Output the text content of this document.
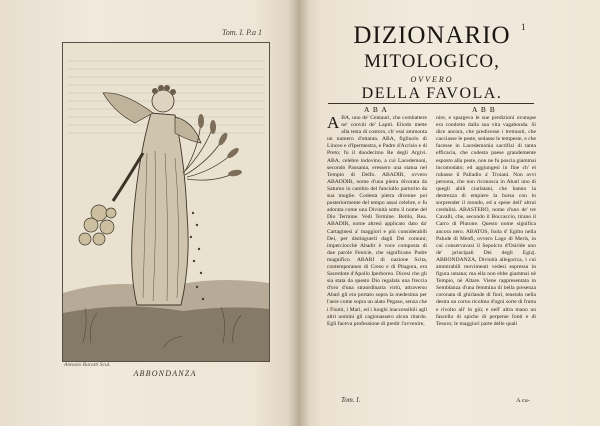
Tom. I. P.a 1
Antonio Baratti Scul.
ABBONDANZA
1
DIZIONARIO
MITOLOGICO,
OVVERO
DELLA FAVOLA.
A B A	A B B
A BA, uno de' Centauri, che combattere ne' conviti de' Lapiti. Eliodo mette alla testa di costoro, ch' essi ammonta un numero d'ottanta. ABA, figliuolo di Linceo e d'Ipermestra, e Padre d'Acrisio e di Preto; fu il duodecimo Re degli Argivi. ABA, celebre indovino, a cui Lacedemoni, secondo Pausania, eressero una statua nel Tempio di Delfo. ABADIR, ovvero ABADDIR, nome d'una pietra divorata da Saturno in cambio del fanciullo partorito da sua moglie. Codesta pietra divenne poi posteriormente del tempo assai celebre, e fu adorata come una Divinità sotto il nome del Dio Termine. Vedi Termine. Betilo, Rea. ABADIR, nome altresì applicato dato da' Cartaginesi a' maggiori e più considerabili Dei, per distinguerli dagli Dei comuni; imperciocchè Abadir è voce composta di due parole Fenicie, che significano Padre magnifico. ABARI di nazione Scita, contemporaneo di Creso e di Pitagora, era Sacerdote d'Apollo Iperboreo. Dicesi che gli sia stata da questo Dio regalata una freccia d'oro d'una straordinaria virtù, attraverso Abari gli era portato sopra la medesima per l'aere come sopra un alato Pegaso, senza che i Fiumi, i Mari, ed i luoghi inaccessibili agli altri uomini gli cagionassero alcun ritardo. Egli faceva professione di predir l'avvenire,

nire, e spargeva le sue predizioni ovunque era condotto dalla sua vita vagabonda. Si dice ancora, che predicesse i tremuoti, che cacciasse le peste, sedasse le tempeste, e che facesse in Lacedemonia sacrifizi di tanta efficacia, che codesta paese grandemente esposto alla peste, non ne fu poscia giammai incomodato; ed aggiungesi in fine ch' ei rubasse il Palladio a' Troiani. Non avvi persona, che non riconosca in Abari uno di quegli abili ciarlatani, che hanno la destrezza di empiere la borsa con lo sorprender il mondo, ed a spese dell' altrui credulità. ABASTERO, nome d'uno de' tre Cavalli, che, secondo il Boccaccio, tirano il Carro di Plutone. Questo nome significa ancora nero. ABATOS, Isola d' Egitto nella Palude di Menfi, ovvero Lago di Meris, in cui conservavasi il Sepolcro d'Osiride uno de' principali Dei degli Egizj. ABBONDANZA, Divinità allegorica, i cui ammirabili movimenti vedesi espressa in figura umana; ma ella non ebbe giammai nè Tempio, nè Altare. Viene rappresentata in Semblanza d'una femmina di bella presenza coronata di ghirlande di fiori, tenendo nella destra un corno ricolmo d'ogni sorte di frutta e rivolto all' in giù; e nell' altra mano un fascello di spiche di perpetue fonti e di Tesoro; le maggiori parte delle quali

Tom. I.	A ca-
